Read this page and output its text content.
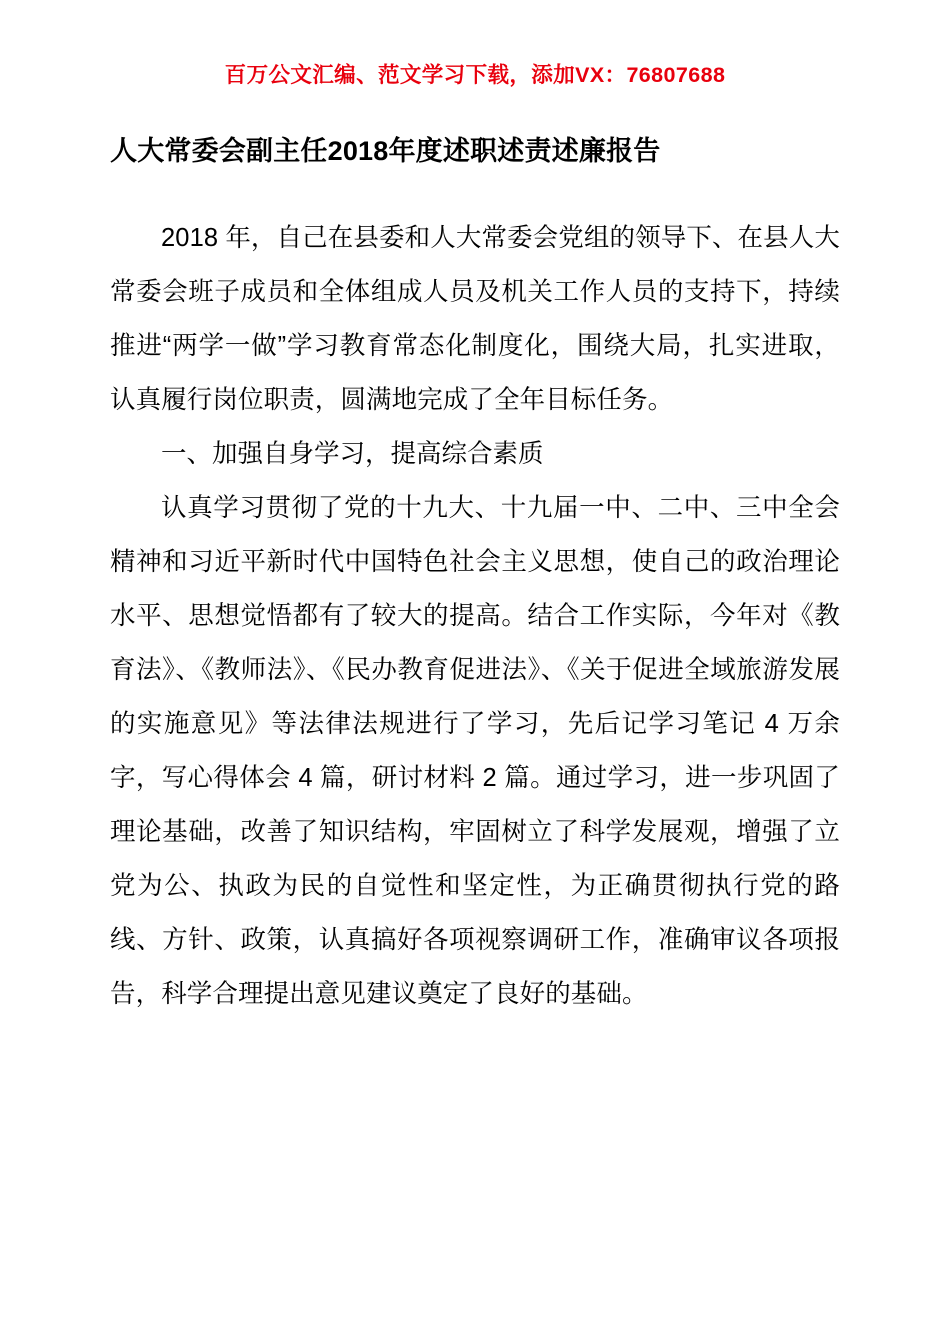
百万公文汇编、范文学习下载，添加VX：76807688
人大常委会副主任2018年度述职述责述廉报告

2018 年，自己在县委和人大常委会党组的领导下、在县人大常委会班子成员和全体组成人员及机关工作人员的支持下，持续推进“两学一做”学习教育常态化制度化，围绕大局，扎实进取，认真履行岗位职责，圆满地完成了全年目标任务。

一、加强自身学习，提高综合素质

认真学习贯彻了党的十九大、十九届一中、二中、三中全会精神和习近平新时代中国特色社会主义思想，使自己的政治理论水平、思想觉悟都有了较大的提高。结合工作实际，今年对《教育法》、《教师法》、《民办教育促进法》、《关于促进全域旅游发展的实施意见》等法律法规进行了学习，先后记学习笔记 4 万余字，写心得体会 4 篇，研讨材料 2 篇。通过学习，进一步巩固了理论基础，改善了知识结构，牢固树立了科学发展观，增强了立党为公、执政为民的自觉性和坚定性，为正确贯彻执行党的路线、方针、政策，认真搞好各项视察调研工作，准确审议各项报告，科学合理提出意见建议奠定了良好的基础。
